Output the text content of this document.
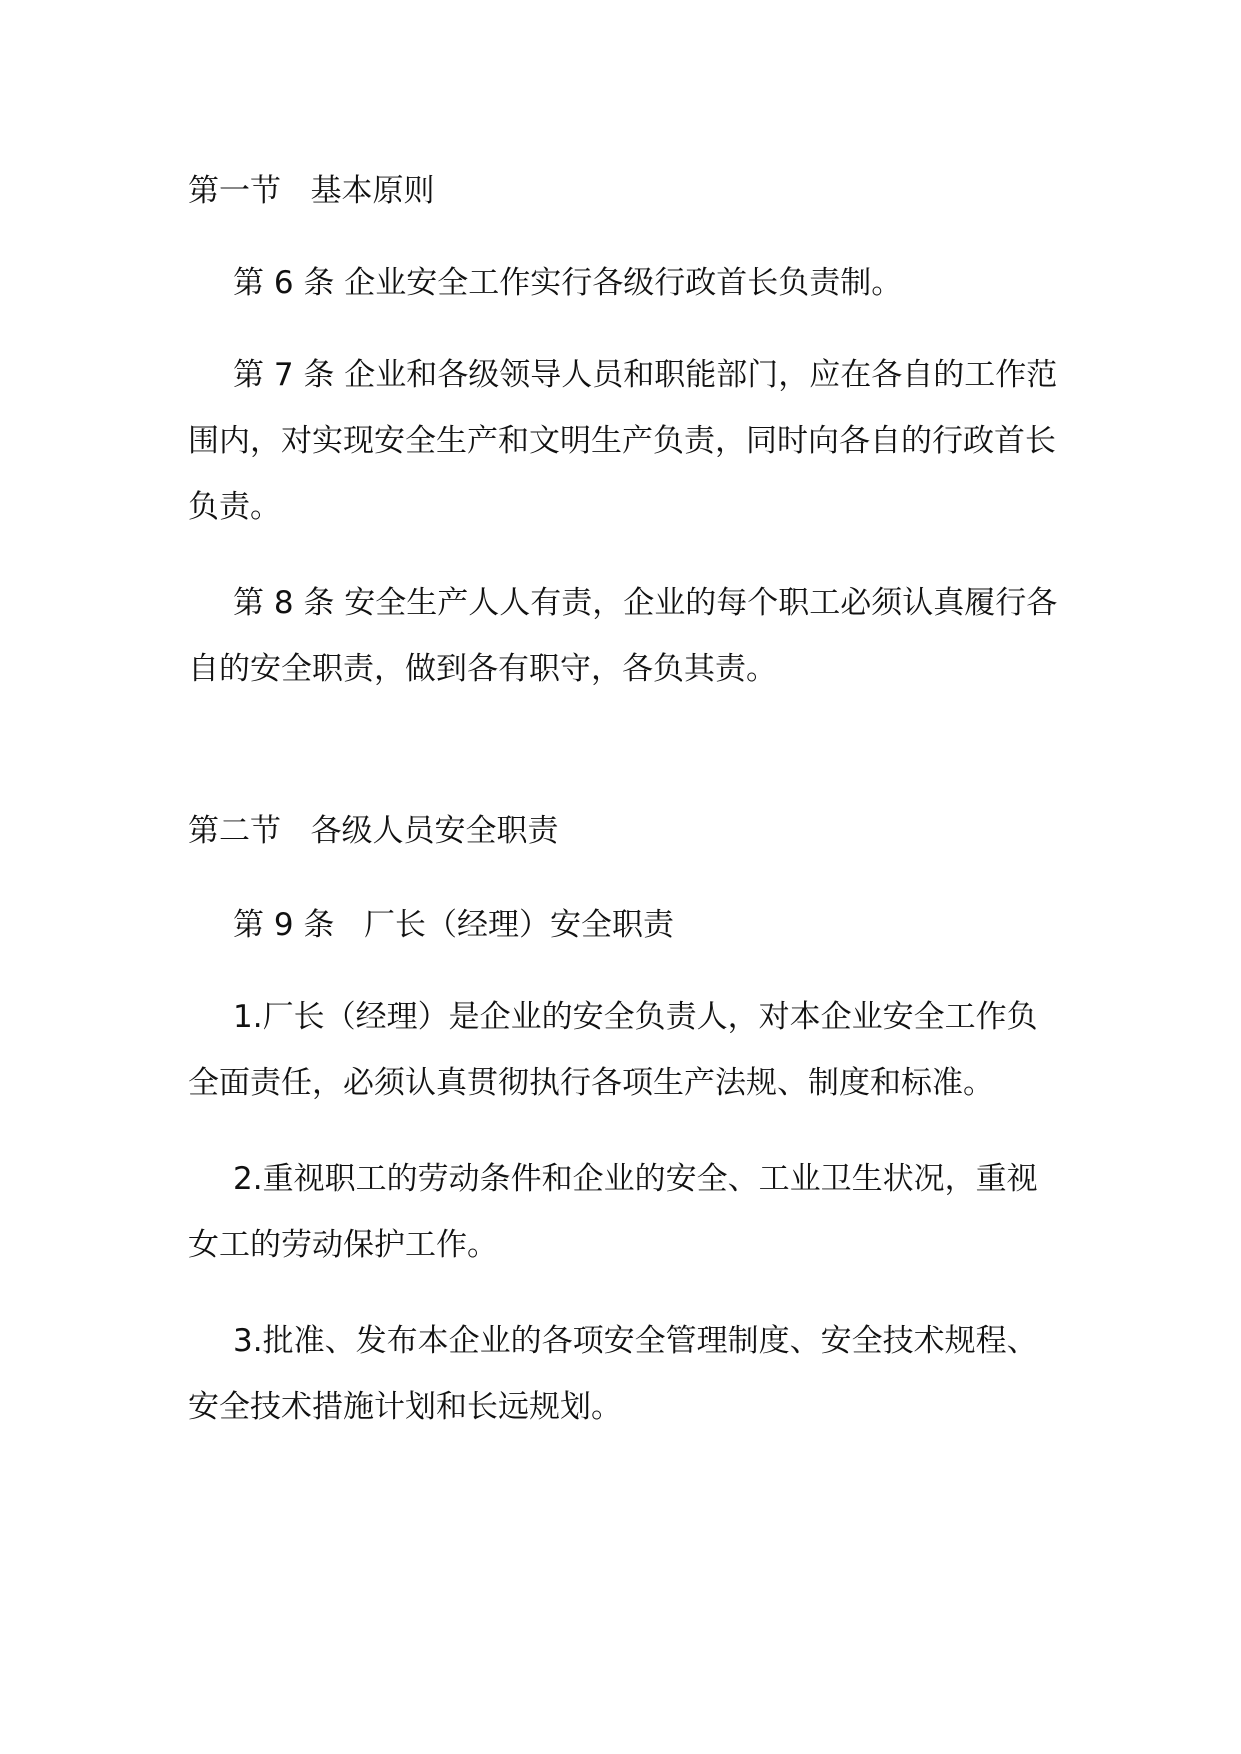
第一节   基本原则

第 6 条 企业安全工作实行各级行政首长负责制。

第 7 条 企业和各级领导人员和职能部门，应在各自的工作范围内，对实现安全生产和文明生产负责，同时向各自的行政首长负责。

第 8 条 安全生产人人有责，企业的每个职工必须认真履行各自的安全职责，做到各有职守，各负其责。

第二节   各级人员安全职责

第 9 条   厂长（经理）安全职责

1.厂长（经理）是企业的安全负责人，对本企业安全工作负全面责任，必须认真贯彻执行各项生产法规、制度和标准。

2.重视职工的劳动条件和企业的安全、工业卫生状况，重视女工的劳动保护工作。

3.批准、发布本企业的各项安全管理制度、安全技术规程、安全技术措施计划和长远规划。
